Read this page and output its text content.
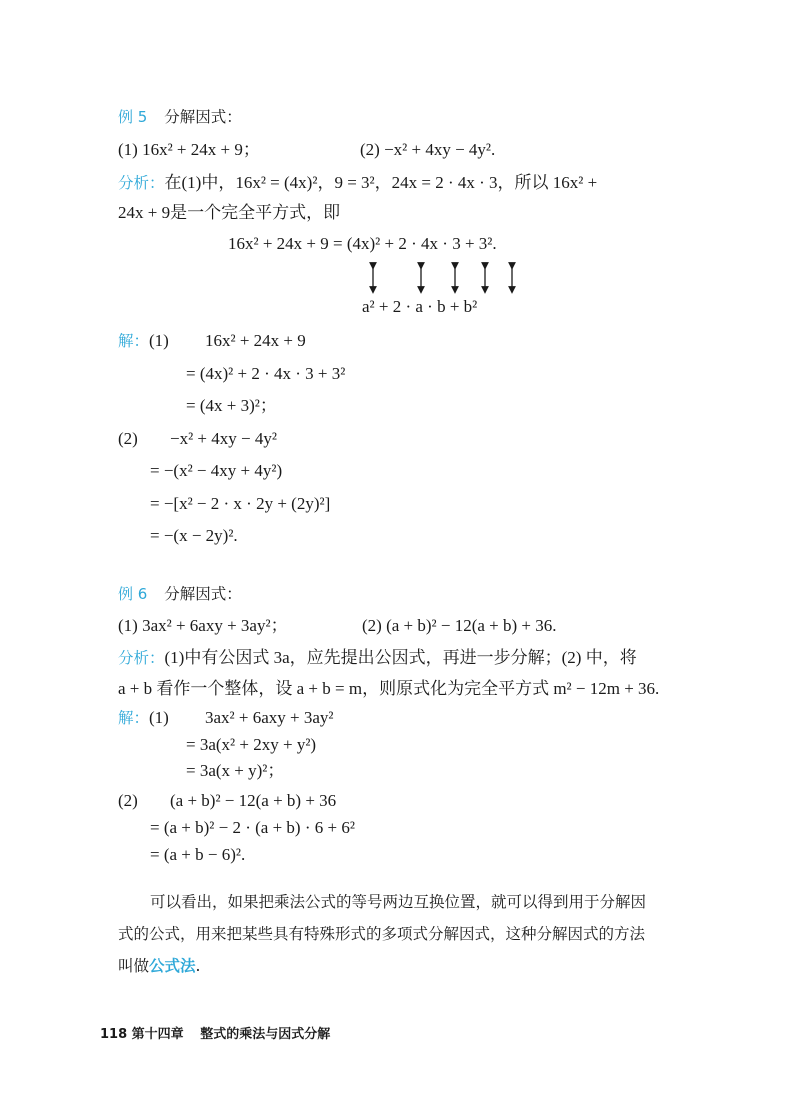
例 5 分解因式：
(1) 16x² + 24x + 9；	(2) −x² + 4xy − 4y².
分析：在(1)中，16x² = (4x)²，9 = 3²，24x = 2 · 4x · 3，所以 16x² +
24x + 9是一个完全平方式，即
16x² + 24x + 9 = (4x)² + 2 · 4x · 3 + 3².
a² + 2 · a · b + b²
解：(1) 16x² + 24x + 9
= (4x)² + 2 · 4x · 3 + 3²
= (4x + 3)²；
(2) −x² + 4xy − 4y²
= −(x² − 4xy + 4y²)
= −[x² − 2 · x · 2y + (2y)²]
= −(x − 2y)².
例 6 分解因式：
(1) 3ax² + 6axy + 3ay²；	(2) (a + b)² − 12(a + b) + 36.
分析：(1)中有公因式 3a，应先提出公因式，再进一步分解；(2) 中，将
a + b 看作一个整体，设 a + b = m，则原式化为完全平方式 m² − 12m + 36.
解：(1) 3ax² + 6axy + 3ay²
= 3a(x² + 2xy + y²)
= 3a(x + y)²；
(2) (a + b)² − 12(a + b) + 36
= (a + b)² − 2 · (a + b) · 6 + 6²
= (a + b − 6)².
可以看出，如果把乘法公式的等号两边互换位置，就可以得到用于分解因
式的公式，用来把某些具有特殊形式的多项式分解因式，这种分解因式的方法
叫做公式法.
118 第十四章 整式的乘法与因式分解
